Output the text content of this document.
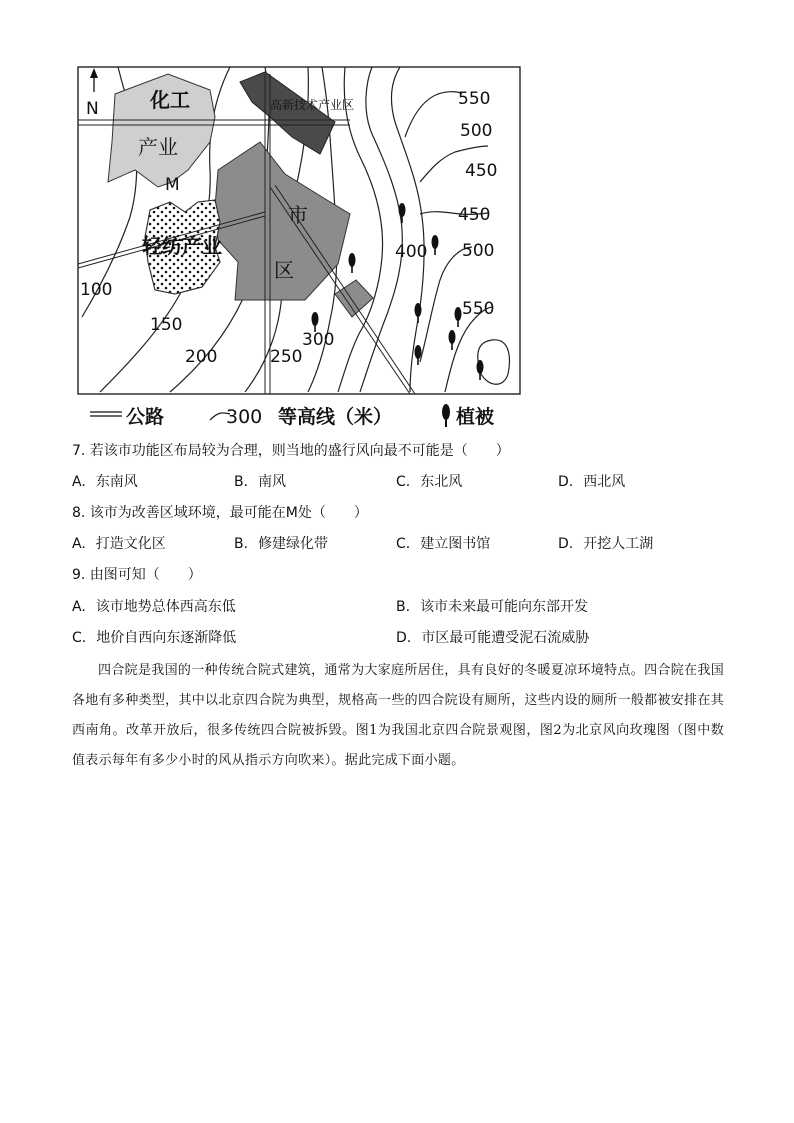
N	化工
产业
M
高新技术产业区
市
区
轻纺产业
550
500
450
450
500
400
550
100
150
200	250
300
公路	300 等高线（米）	植被
7. 若该市功能区布局较为合理，则当地的盛行风向最不可能是（　　）
A. 东南风	B. 南风	C. 东北风	D. 西北风
8. 该市为改善区域环境，最可能在M处（　　）
A. 打造文化区	B. 修建绿化带	C. 建立图书馆	D. 开挖人工湖
9. 由图可知（　　）
A. 该市地势总体西高东低	B. 该市未来最可能向东部开发
C. 地价自西向东逐渐降低	D. 市区最可能遭受泥石流威胁
四合院是我国的一种传统合院式建筑，通常为大家庭所居住，具有良好的冬暖夏凉环境特点。四合院在我国各地有多种类型，其中以北京四合院为典型，规格高一些的四合院设有厕所，这些内设的厕所一般都被安排在其西南角。改革开放后，很多传统四合院被拆毁。图1为我国北京四合院景观图，图2为北京风向玫瑰图（图中数值表示每年有多少小时的风从指示方向吹来）。据此完成下面小题。
